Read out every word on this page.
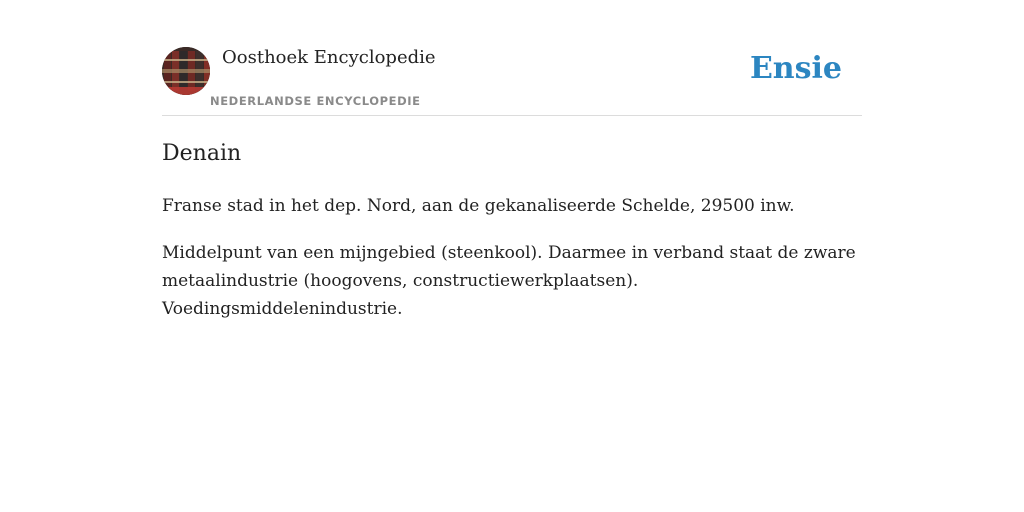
Oosthoek Encyclopedie
NEDERLANDSE ENCYCLOPEDIE
Ensie
Denain

Franse stad in het dep. Nord, aan de gekanaliseerde Schelde, 29500 inw.

Middelpunt van een mijngebied (steenkool). Daarmee in verband staat de zware metaalindustrie (hoogovens, constructiewerkplaatsen). Voedingsmiddelenindustrie.
